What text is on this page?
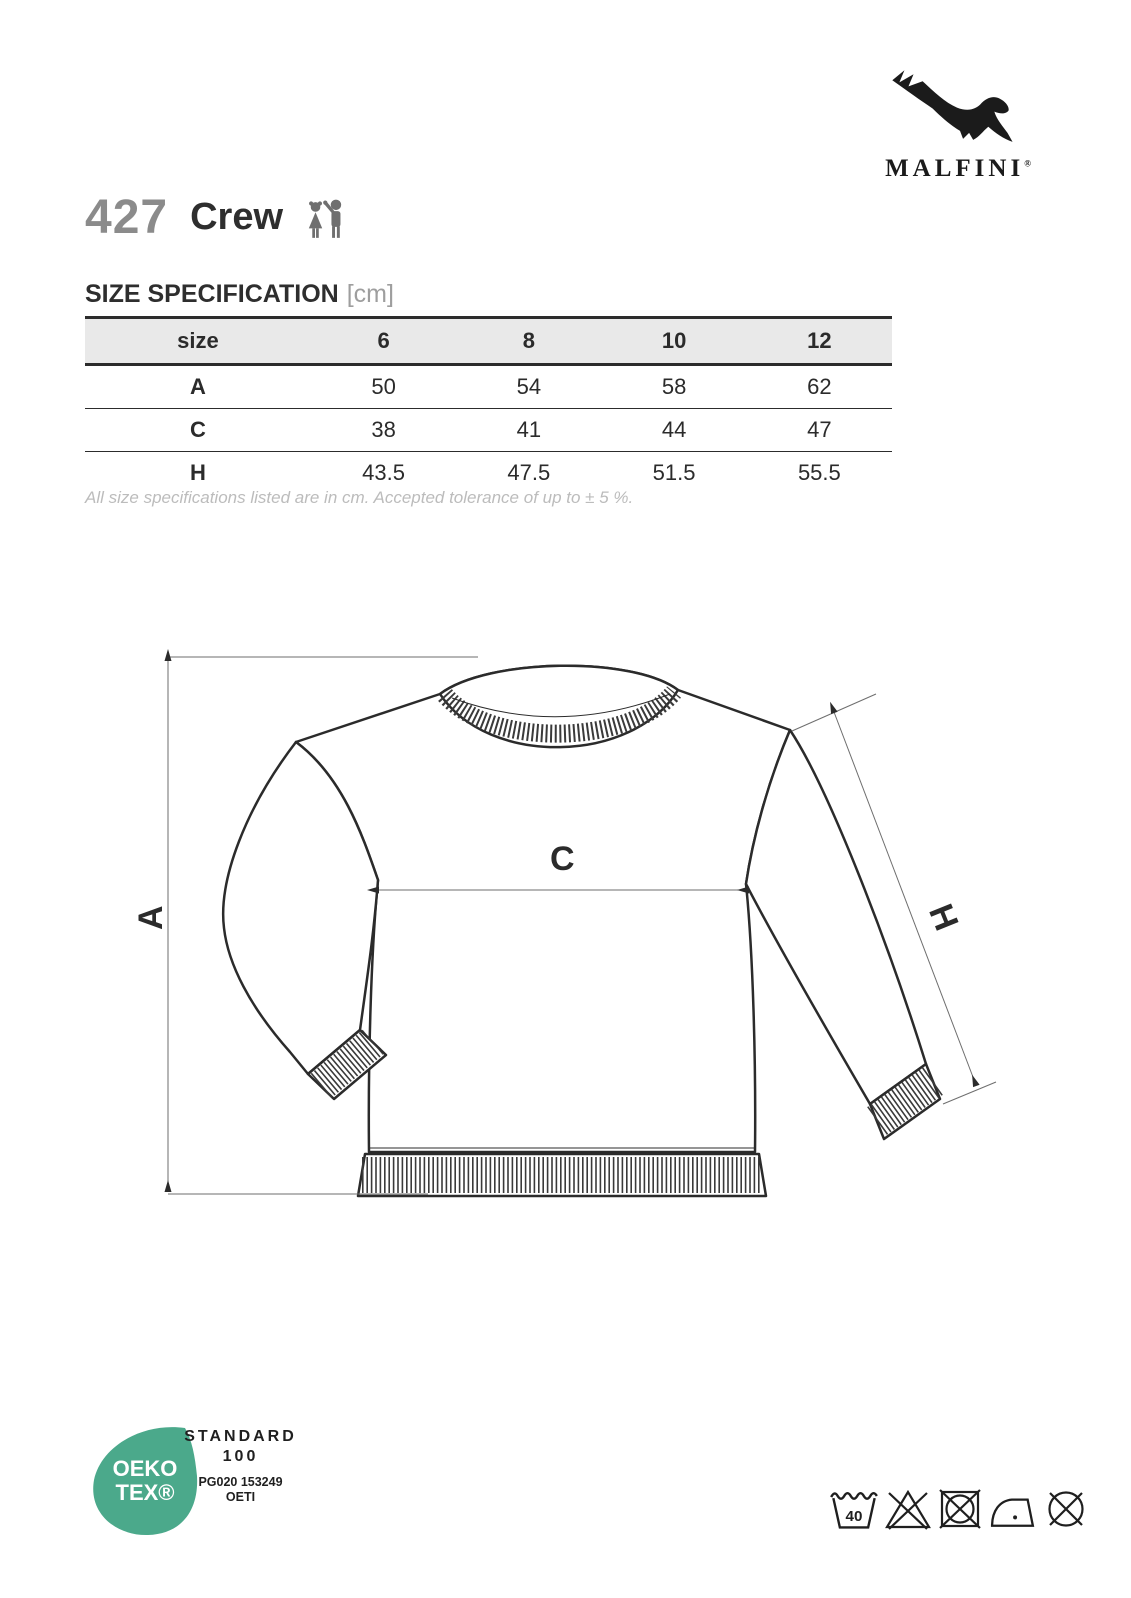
MALFINI®
427 Crew
SIZE SPECIFICATION [cm]
size	6	8	10	12
A	50	54	58	62
C	38	41	44	47
H	43.5	47.5	51.5	55.5
All size specifications listed are in cm. Accepted tolerance of up to ± 5 %.
A
C
H
OEKO
TEX®
STANDARD
100
PG020 153249
OETI
40
